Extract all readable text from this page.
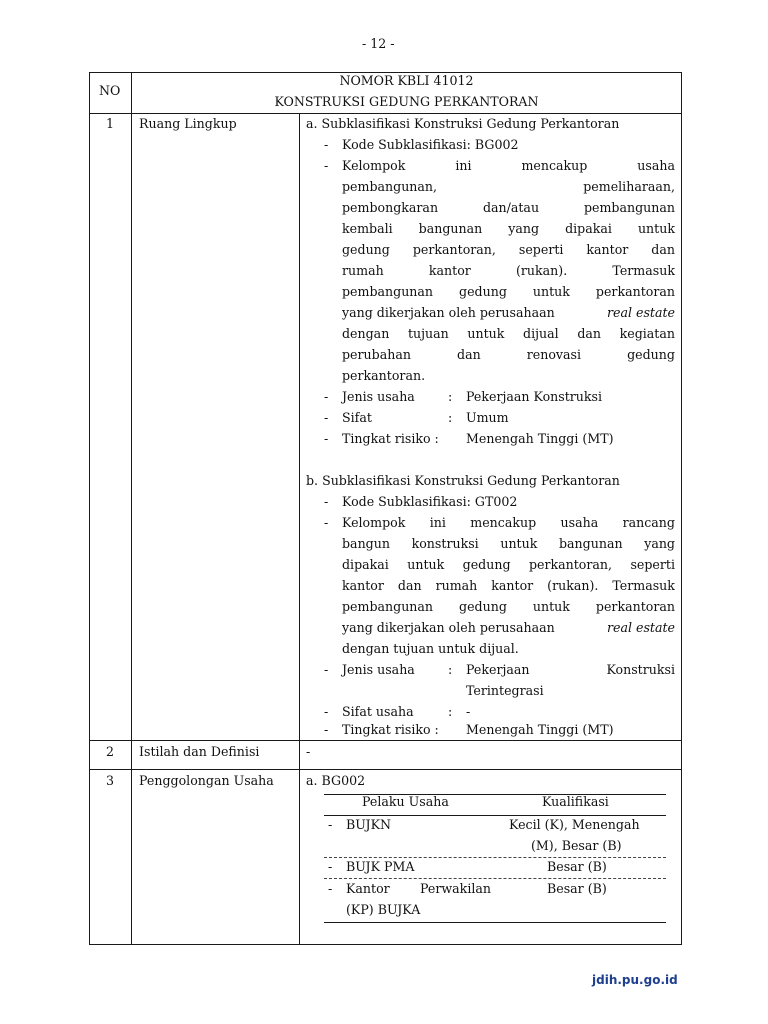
- 12 -
NO
NOMOR KBLI 41012
KONSTRUKSI GEDUNG PERKANTORAN
1 Ruang Lingkup	a. Subklasifikasi Konstruksi Gedung Perkantoran
- Kode Subklasifikasi: BG002
- Kelompok	ini	mencakup	usaha
pembangunan,	pemeliharaan,
pembongkaran	dan/atau	pembangunan
kembali bangunan yang dipakai untuk
gedung perkantoran, seperti kantor dan
rumah	kantor	(rukan).	Termasuk
pembangunan gedung untuk perkantoran
yang dikerjakan oleh perusahaan	real estate
dengan tujuan untuk dijual dan kegiatan
perubahan	dan	renovasi	gedung
perkantoran.
- Jenis usaha	: Pekerjaan Konstruksi
- Sifat	: Umum
- Tingkat risiko : Menengah Tinggi (MT)
b. Subklasifikasi Konstruksi Gedung Perkantoran
- Kode Subklasifikasi: GT002
- Kelompok ini mencakup usaha rancang
bangun konstruksi untuk bangunan yang
dipakai untuk gedung perkantoran, seperti
kantor dan rumah kantor (rukan). Termasuk
pembangunan gedung untuk perkantoran
yang dikerjakan oleh perusahaan	real estate
dengan tujuan untuk dijual.
- Jenis usaha	: Pekerjaan	Konstruksi
Terintegrasi
- Sifat usaha	: -
- Tingkat risiko : Menengah Tinggi (MT)
2 Istilah dan Definisi	-
3 Penggolongan Usaha	a. BG002
Pelaku Usaha	Kualifikasi
- BUJKN	Kecil (K), Menengah
(M), Besar (B)
- BUJK PMA	Besar (B)
- Kantor Perwakilan	Besar (B)
(KP) BUJKA
jdih.pu.go.id
